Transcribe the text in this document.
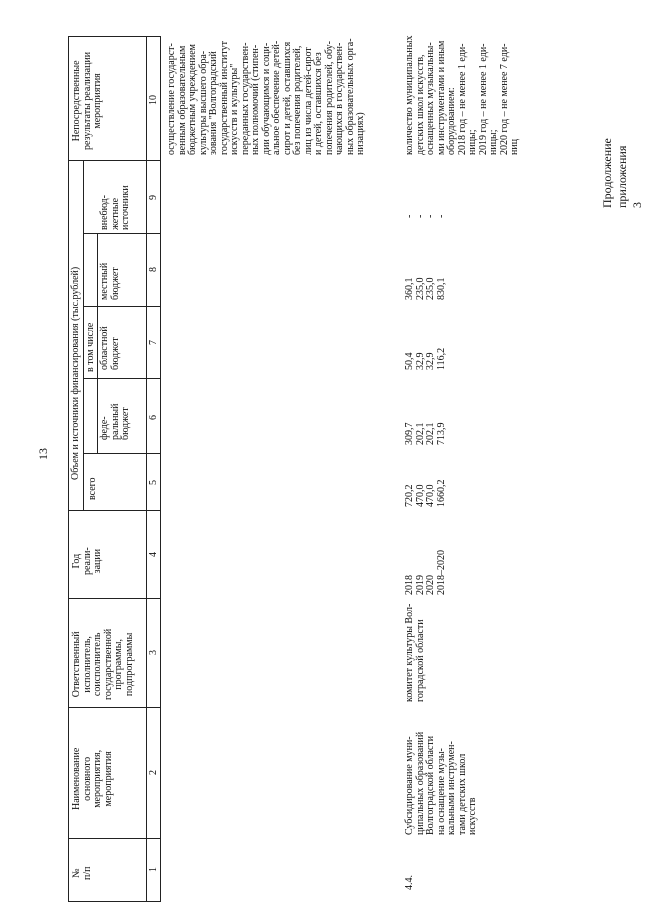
13
Продолжение приложения 3
№
п/п
Наименование
основного
мероприятия,
мероприятия
Ответственный
исполнитель,
соисполнитель
государственной
программы,
подпрограммы
Год
реали-
зации
Объем и источники финансирования (тыс.рублей)
всего
в том числе
феде-
ральный
бюджет
областной
бюджет
местный
бюджет
внебюд-
жетные
источники
Непосредственные
результаты реализации
мероприятия
1
2
3
4
5
6
7
8
9
10 осуществление государст-
венным образовательным
бюджетным учреждением
культуры высшего обра-
зования "Волгоградский
государственный институт
искусств и культуры"
переданных государствен-
ных полномочий (стипен-
дии обучающимся и соци-
альное обеспечение детей-
сирот и детей, оставшихся
без попечения родителей,
лиц из числа детей-сирот
и детей, оставшихся без
попечения родителей, обу-
чающихся в государствен-
ных образовательных орга-
низациях)
4.4.
Субсидирование муни-
ципальных образований
Волгоградской области
на оснащение музы-
кальными инструмен-
тами детских школ
искусств
комитет культуры Вол-
гоградской области
2018
2019
2020
2018–2020
720,2
470,0
470,0
1660,2
309,7
202,1
202,1
713,9
50,4
32,9
32,9
116,2
360,1
235,0
235,0
830,1
-
-
-
-
количество муниципальных
детских школ искусств,
оснащенных музыкальны-
ми инструментами и иным
оборудованием:
2018 год – не менее 1 еди-
ницы;
2019 год – не менее 1 еди-
ницы;
2020 год – не менее 7 еди-
ниц
